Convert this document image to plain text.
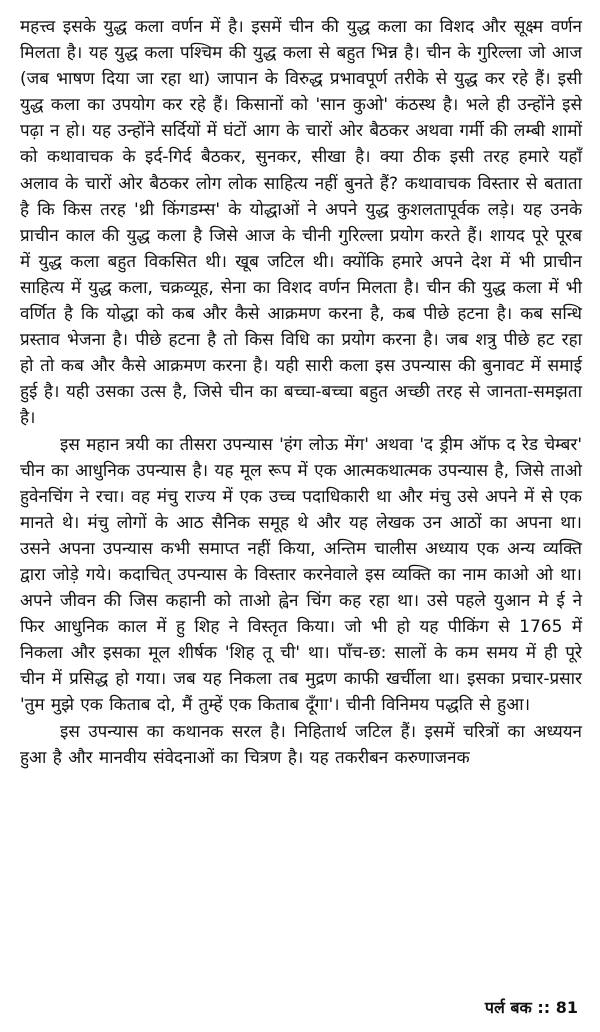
महत्त्व इसके युद्ध कला वर्णन में है। इसमें चीन की युद्ध कला का विशद और सूक्ष्म वर्णन मिलता है। यह युद्ध कला पश्चिम की युद्ध कला से बहुत भिन्न है। चीन के गुरिल्ला जो आज (जब भाषण दिया जा रहा था) जापान के विरुद्ध प्रभावपूर्ण तरीके से युद्ध कर रहे हैं। इसी युद्ध कला का उपयोग कर रहे हैं। किसानों को 'सान कुओ' कंठस्थ है। भले ही उन्होंने इसे पढ़ा न हो। यह उन्होंने सर्दियों में घंटों आग के चारों ओर बैठकर अथवा गर्मी की लम्बी शामों को कथावाचक के इर्द-गिर्द बैठकर, सुनकर, सीखा है। क्या ठीक इसी तरह हमारे यहाँ अलाव के चारों ओर बैठकर लोग लोक साहित्य नहीं बुनते हैं? कथावाचक विस्तार से बताता है कि किस तरह 'थ्री किंगडम्स' के योद्धाओं ने अपने युद्ध कुशलतापूर्वक लड़े। यह उनके प्राचीन काल की युद्ध कला है जिसे आज के चीनी गुरिल्ला प्रयोग करते हैं। शायद पूरे पूरब में युद्ध कला बहुत विकसित थी। खूब जटिल थी। क्योंकि हमारे अपने देश में भी प्राचीन साहित्य में युद्ध कला, चक्रव्यूह, सेना का विशद वर्णन मिलता है। चीन की युद्ध कला में भी वर्णित है कि योद्धा को कब और कैसे आक्रमण करना है, कब पीछे हटना है। कब सन्धि प्रस्ताव भेजना है। पीछे हटना है तो किस विधि का प्रयोग करना है। जब शत्रु पीछे हट रहा हो तो कब और कैसे आक्रमण करना है। यही सारी कला इस उपन्यास की बुनावट में समाई हुई है। यही उसका उत्स है, जिसे चीन का बच्चा-बच्चा बहुत अच्छी तरह से जानता-समझता है।

इस महान त्रयी का तीसरा उपन्यास 'हंग लोऊ मेंग' अथवा 'द ड्रीम ऑफ द रेड चेम्बर' चीन का आधुनिक उपन्यास है। यह मूल रूप में एक आत्मकथात्मक उपन्यास है, जिसे ताओ हुवेनचिंग ने रचा। वह मंचु राज्य में एक उच्च पदाधिकारी था और मंचु उसे अपने में से एक मानते थे। मंचु लोगों के आठ सैनिक समूह थे और यह लेखक उन आठों का अपना था। उसने अपना उपन्यास कभी समाप्त नहीं किया, अन्तिम चालीस अध्याय एक अन्य व्यक्ति द्वारा जोड़े गये। कदाचित् उपन्यास के विस्तार करनेवाले इस व्यक्ति का नाम काओ ओ था। अपने जीवन की जिस कहानी को ताओ ह्वेन चिंग कह रहा था। उसे पहले युआन मे ई ने फिर आधुनिक काल में हु शिह ने विस्तृत किया। जो भी हो यह पीकिंग से 1765 में निकला और इसका मूल शीर्षक 'शिह तू ची' था। पाँच-छ: सालों के कम समय में ही पूरे चीन में प्रसिद्ध हो गया। जब यह निकला तब मुद्रण काफी खर्चीला था। इसका प्रचार-प्रसार 'तुम मुझे एक किताब दो, मैं तुम्हें एक किताब दूँगा'। चीनी विनिमय पद्धति से हुआ।

इस उपन्यास का कथानक सरल है। निहितार्थ जटिल हैं। इसमें चरित्रों का अध्ययन हुआ है और मानवीय संवेदनाओं का चित्रण है। यह तकरीबन करुणाजनक

पर्ल बक :: 81
